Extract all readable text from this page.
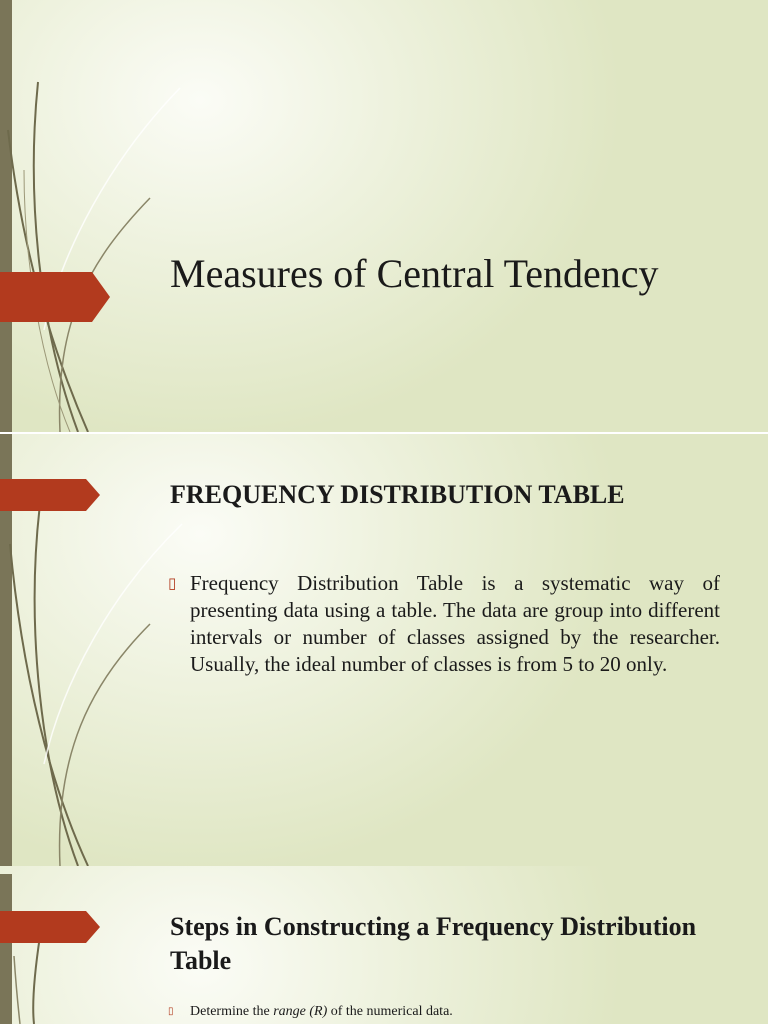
Measures of Central Tendency
FREQUENCY DISTRIBUTION TABLE
▯ Frequency Distribution Table is a systematic way of presenting data using a table. The data are group into different intervals or number of classes assigned by the researcher. Usually, the ideal number of classes is from 5 to 20 only.
Steps in Constructing a Frequency Distribution Table
▯	Determine the range (R) of the numerical data.
